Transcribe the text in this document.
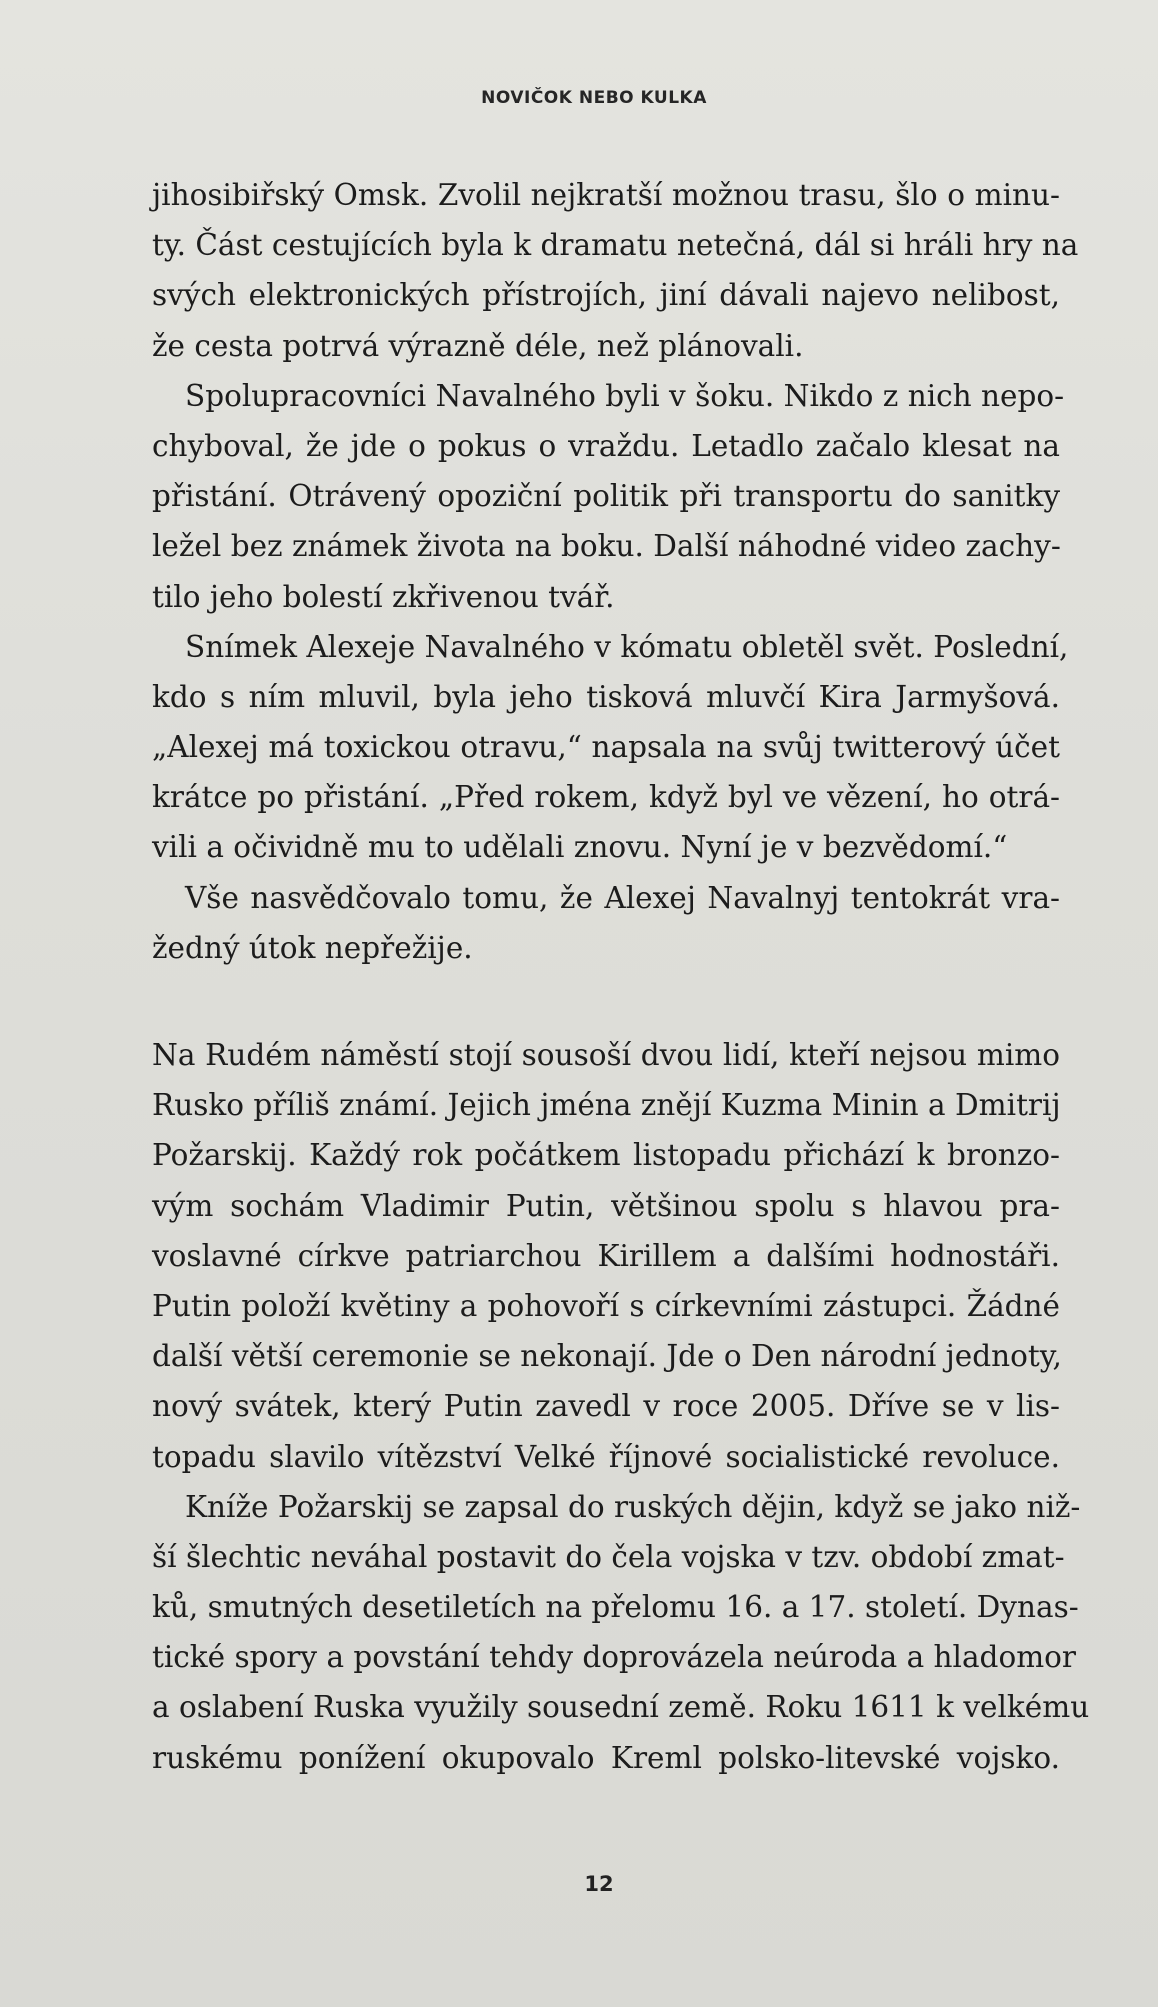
NOVIČOK NEBO KULKA
jihosibiřský Omsk. Zvolil nejkratší možnou trasu, šlo o minu-
ty. Část cestujících byla k dramatu netečná, dál si hráli hry na
svých elektronických přístrojích, jiní dávali najevo nelibost,
že cesta potrvá výrazně déle, než plánovali.
Spolupracovníci Navalného byli v šoku. Nikdo z nich nepo-
chyboval, že jde o pokus o vraždu. Letadlo začalo klesat na
přistání. Otrávený opoziční politik při transportu do sanitky
ležel bez známek života na boku. Další náhodné video zachy-
tilo jeho bolestí zkřivenou tvář.
Snímek Alexeje Navalného v kómatu obletěl svět. Poslední,
kdo s ním mluvil, byla jeho tisková mluvčí Kira Jarmyšová.
„Alexej má toxickou otravu,“ napsala na svůj twitterový účet
krátce po přistání. „Před rokem, když byl ve vězení, ho otrá-
vili a očividně mu to udělali znovu. Nyní je v bezvědomí.“
Vše nasvědčovalo tomu, že Alexej Navalnyj tentokrát vra-
žedný útok nepřežije.
Na Rudém náměstí stojí sousoší dvou lidí, kteří nejsou mimo
Rusko příliš známí. Jejich jména znějí Kuzma Minin a Dmitrij
Požarskij. Každý rok počátkem listopadu přichází k bronzo-
vým sochám Vladimir Putin, většinou spolu s hlavou pra-
voslavné církve patriarchou Kirillem a dalšími hodnostáři.
Putin položí květiny a pohovoří s církevními zástupci. Žádné
další větší ceremonie se nekonají. Jde o Den národní jednoty,
nový svátek, který Putin zavedl v roce 2005. Dříve se v lis-
topadu slavilo vítězství Velké říjnové socialistické revoluce.
Kníže Požarskij se zapsal do ruských dějin, když se jako niž-
ší šlechtic neváhal postavit do čela vojska v tzv. období zmat-
ků, smutných desetiletích na přelomu 16. a 17. století. Dynas-
tické spory a povstání tehdy doprovázela neúroda a hladomor
a oslabení Ruska využily sousední země. Roku 1611 k velkému
ruskému ponížení okupovalo Kreml polsko-litevské vojsko.
12
